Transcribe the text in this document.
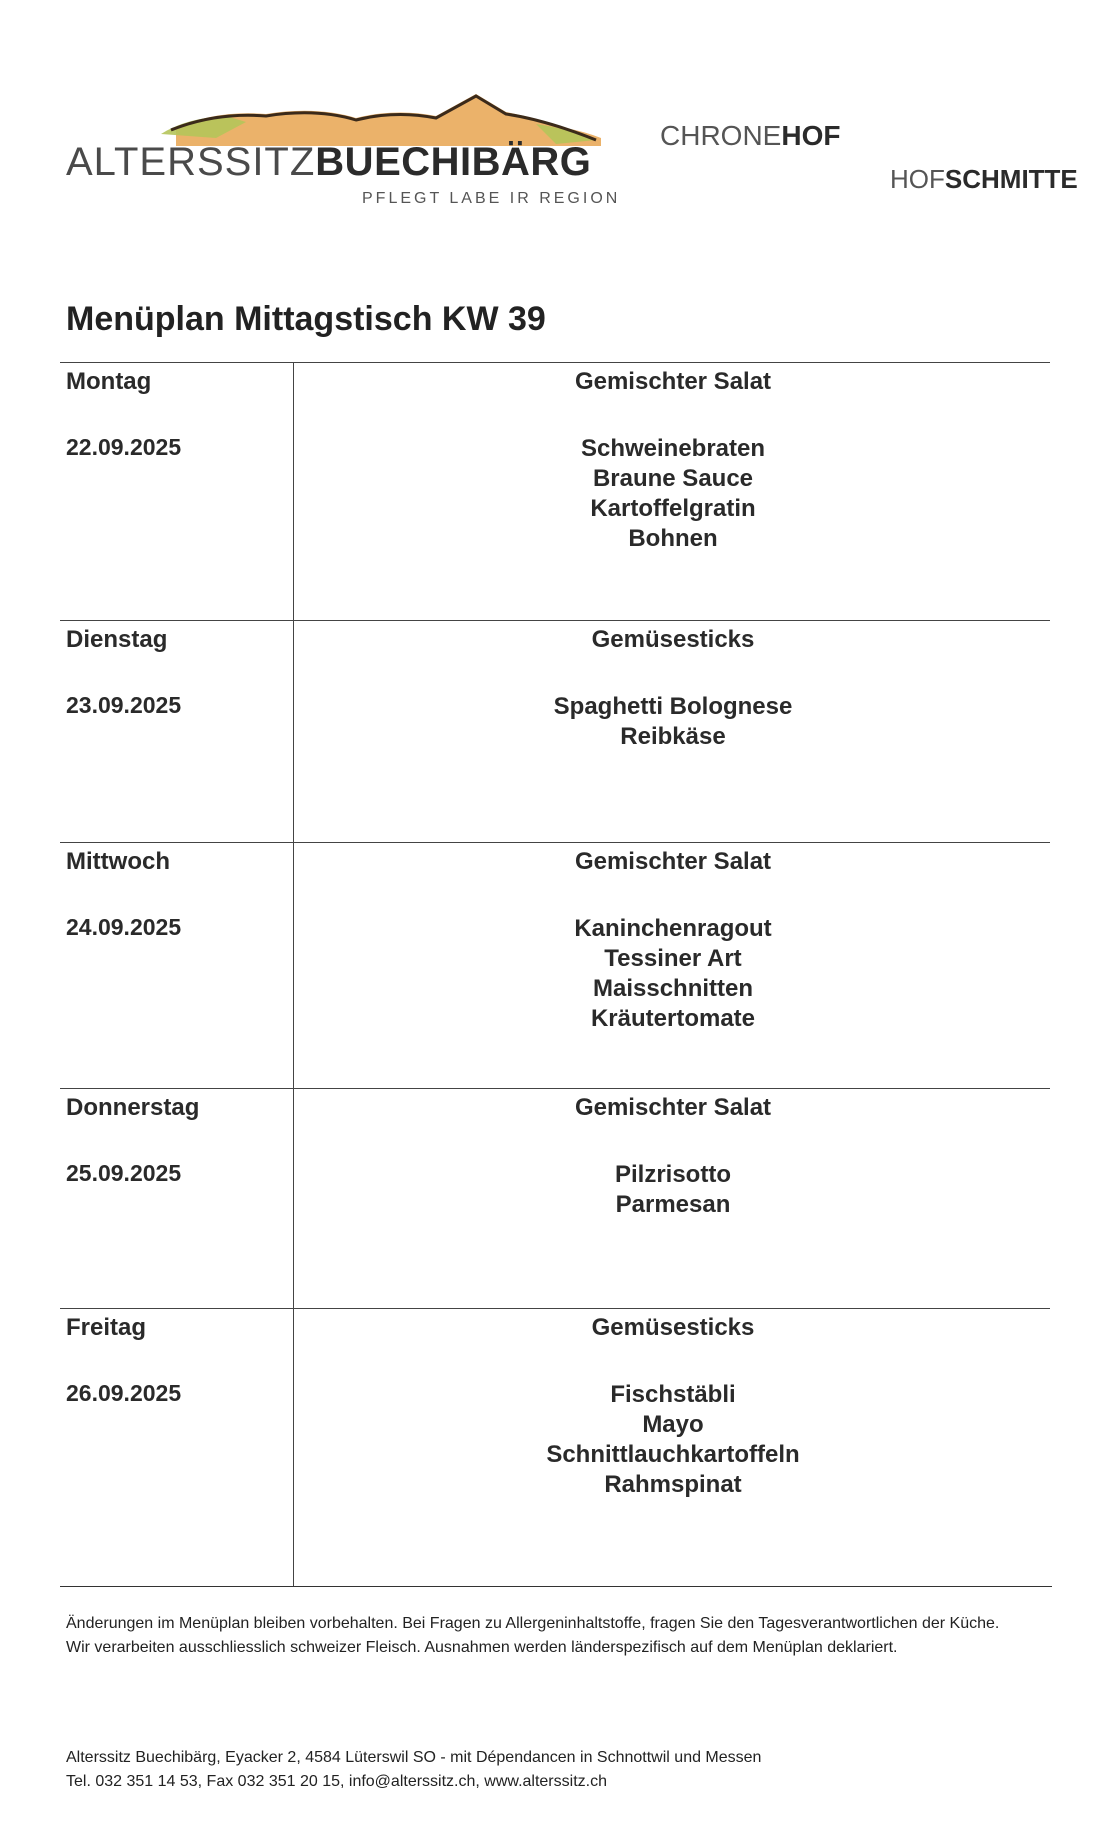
ALTERSSITZBUECHIBÄRG
PFLEGT LABE IR REGION
CHRONEHOF
HOFSCHMITTE
Menüplan Mittagstisch KW 39
Montag
22.09.2025
Gemischter Salat
Schweinebraten
Braune Sauce
Kartoffelgratin
Bohnen
Dienstag
23.09.2025
Gemüsesticks
Spaghetti Bolognese
Reibkäse
Mittwoch
24.09.2025
Gemischter Salat
Kaninchenragout
Tessiner Art
Maisschnitten
Kräutertomate
Donnerstag
25.09.2025
Gemischter Salat
Pilzrisotto
Parmesan
Freitag
26.09.2025
Gemüsesticks
Fischstäbli
Mayo
Schnittlauchkartoffeln
Rahmspinat
Änderungen im Menüplan bleiben vorbehalten. Bei Fragen zu Allergeninhaltstoffe, fragen Sie den Tagesverantwortlichen der Küche.
Wir verarbeiten ausschliesslich schweizer Fleisch. Ausnahmen werden länderspezifisch auf dem Menüplan deklariert.
Alterssitz Buechibärg, Eyacker 2, 4584 Lüterswil SO - mit Dépendancen in Schnottwil und Messen
Tel. 032 351 14 53, Fax 032 351 20 15, info@alterssitz.ch, www.alterssitz.ch
